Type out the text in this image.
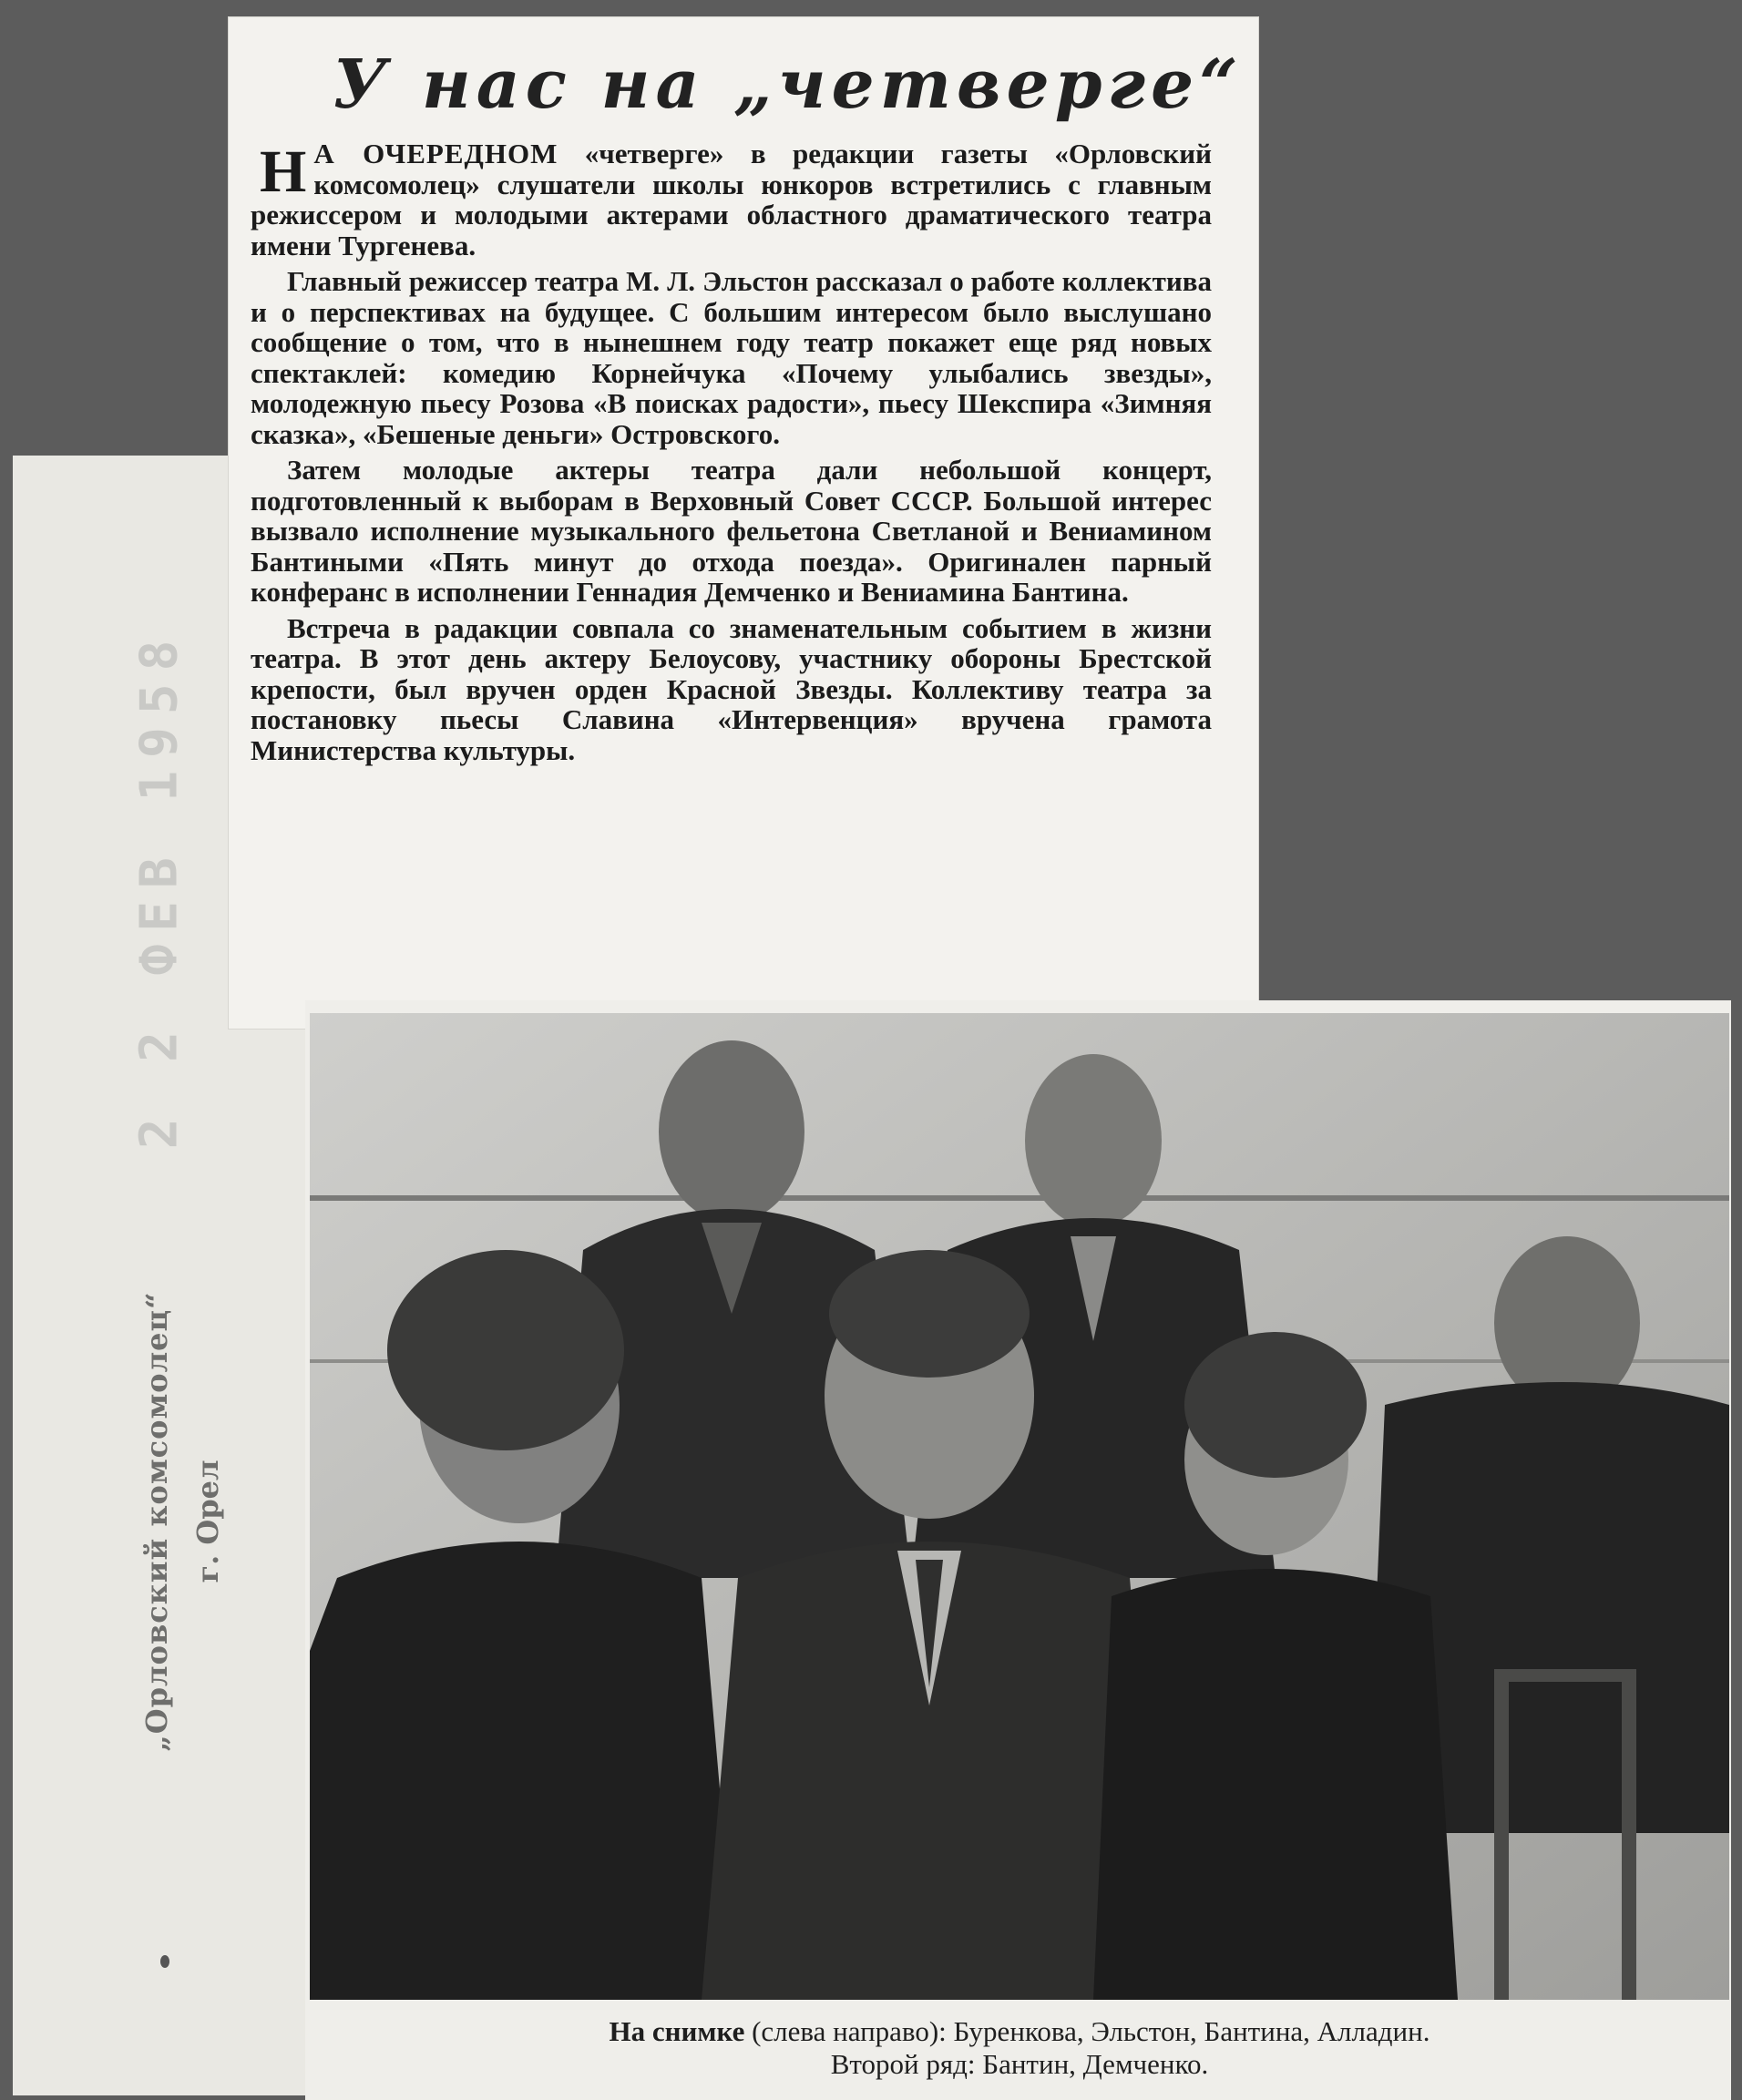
2 2 ФЕВ 1958
„Орловский комсомолец“ г. Орел
У нас на „четверге“

Н А ОЧЕРЕДНОМ «четверге» в редакции газеты «Орловский комсомолец» слушатели школы юнкоров встретились с главным режиссером и молодыми актерами областного драматического театра имени Тургенева.

Главный режиссер театра М. Л. Эльстон рассказал о работе коллектива и о перспективах на будущее. С большим интересом было выслушано сообщение о том, что в нынешнем году театр покажет еще ряд новых спектаклей: комедию Корнейчука «Почему улыбались звезды», молодежную пьесу Розова «В поисках радости», пьесу Шекспира «Зимняя сказка», «Бешеные деньги» Островского.

Затем молодые актеры театра дали небольшой концерт, подготовленный к выборам в Верховный Совет СССР. Большой интерес вызвало исполнение музыкального фельетона Светланой и Вениамином Бантиными «Пять минут до отхода поезда». Оригинален парный конферанс в исполнении Геннадия Демченко и Вениамина Бантина.

Встреча в радакции совпала со знаменательным событием в жизни театра. В этот день актеру Белоусову, участнику обороны Брестской крепости, был вручен орден Красной Звезды. Коллективу театра за постановку пьесы Славина «Интервенция» вручена грамота Министерства культуры.

На снимке (слева направо): Буренкова, Эльстон, Бантина, Алладин.
Второй ряд: Бантин, Демченко.
